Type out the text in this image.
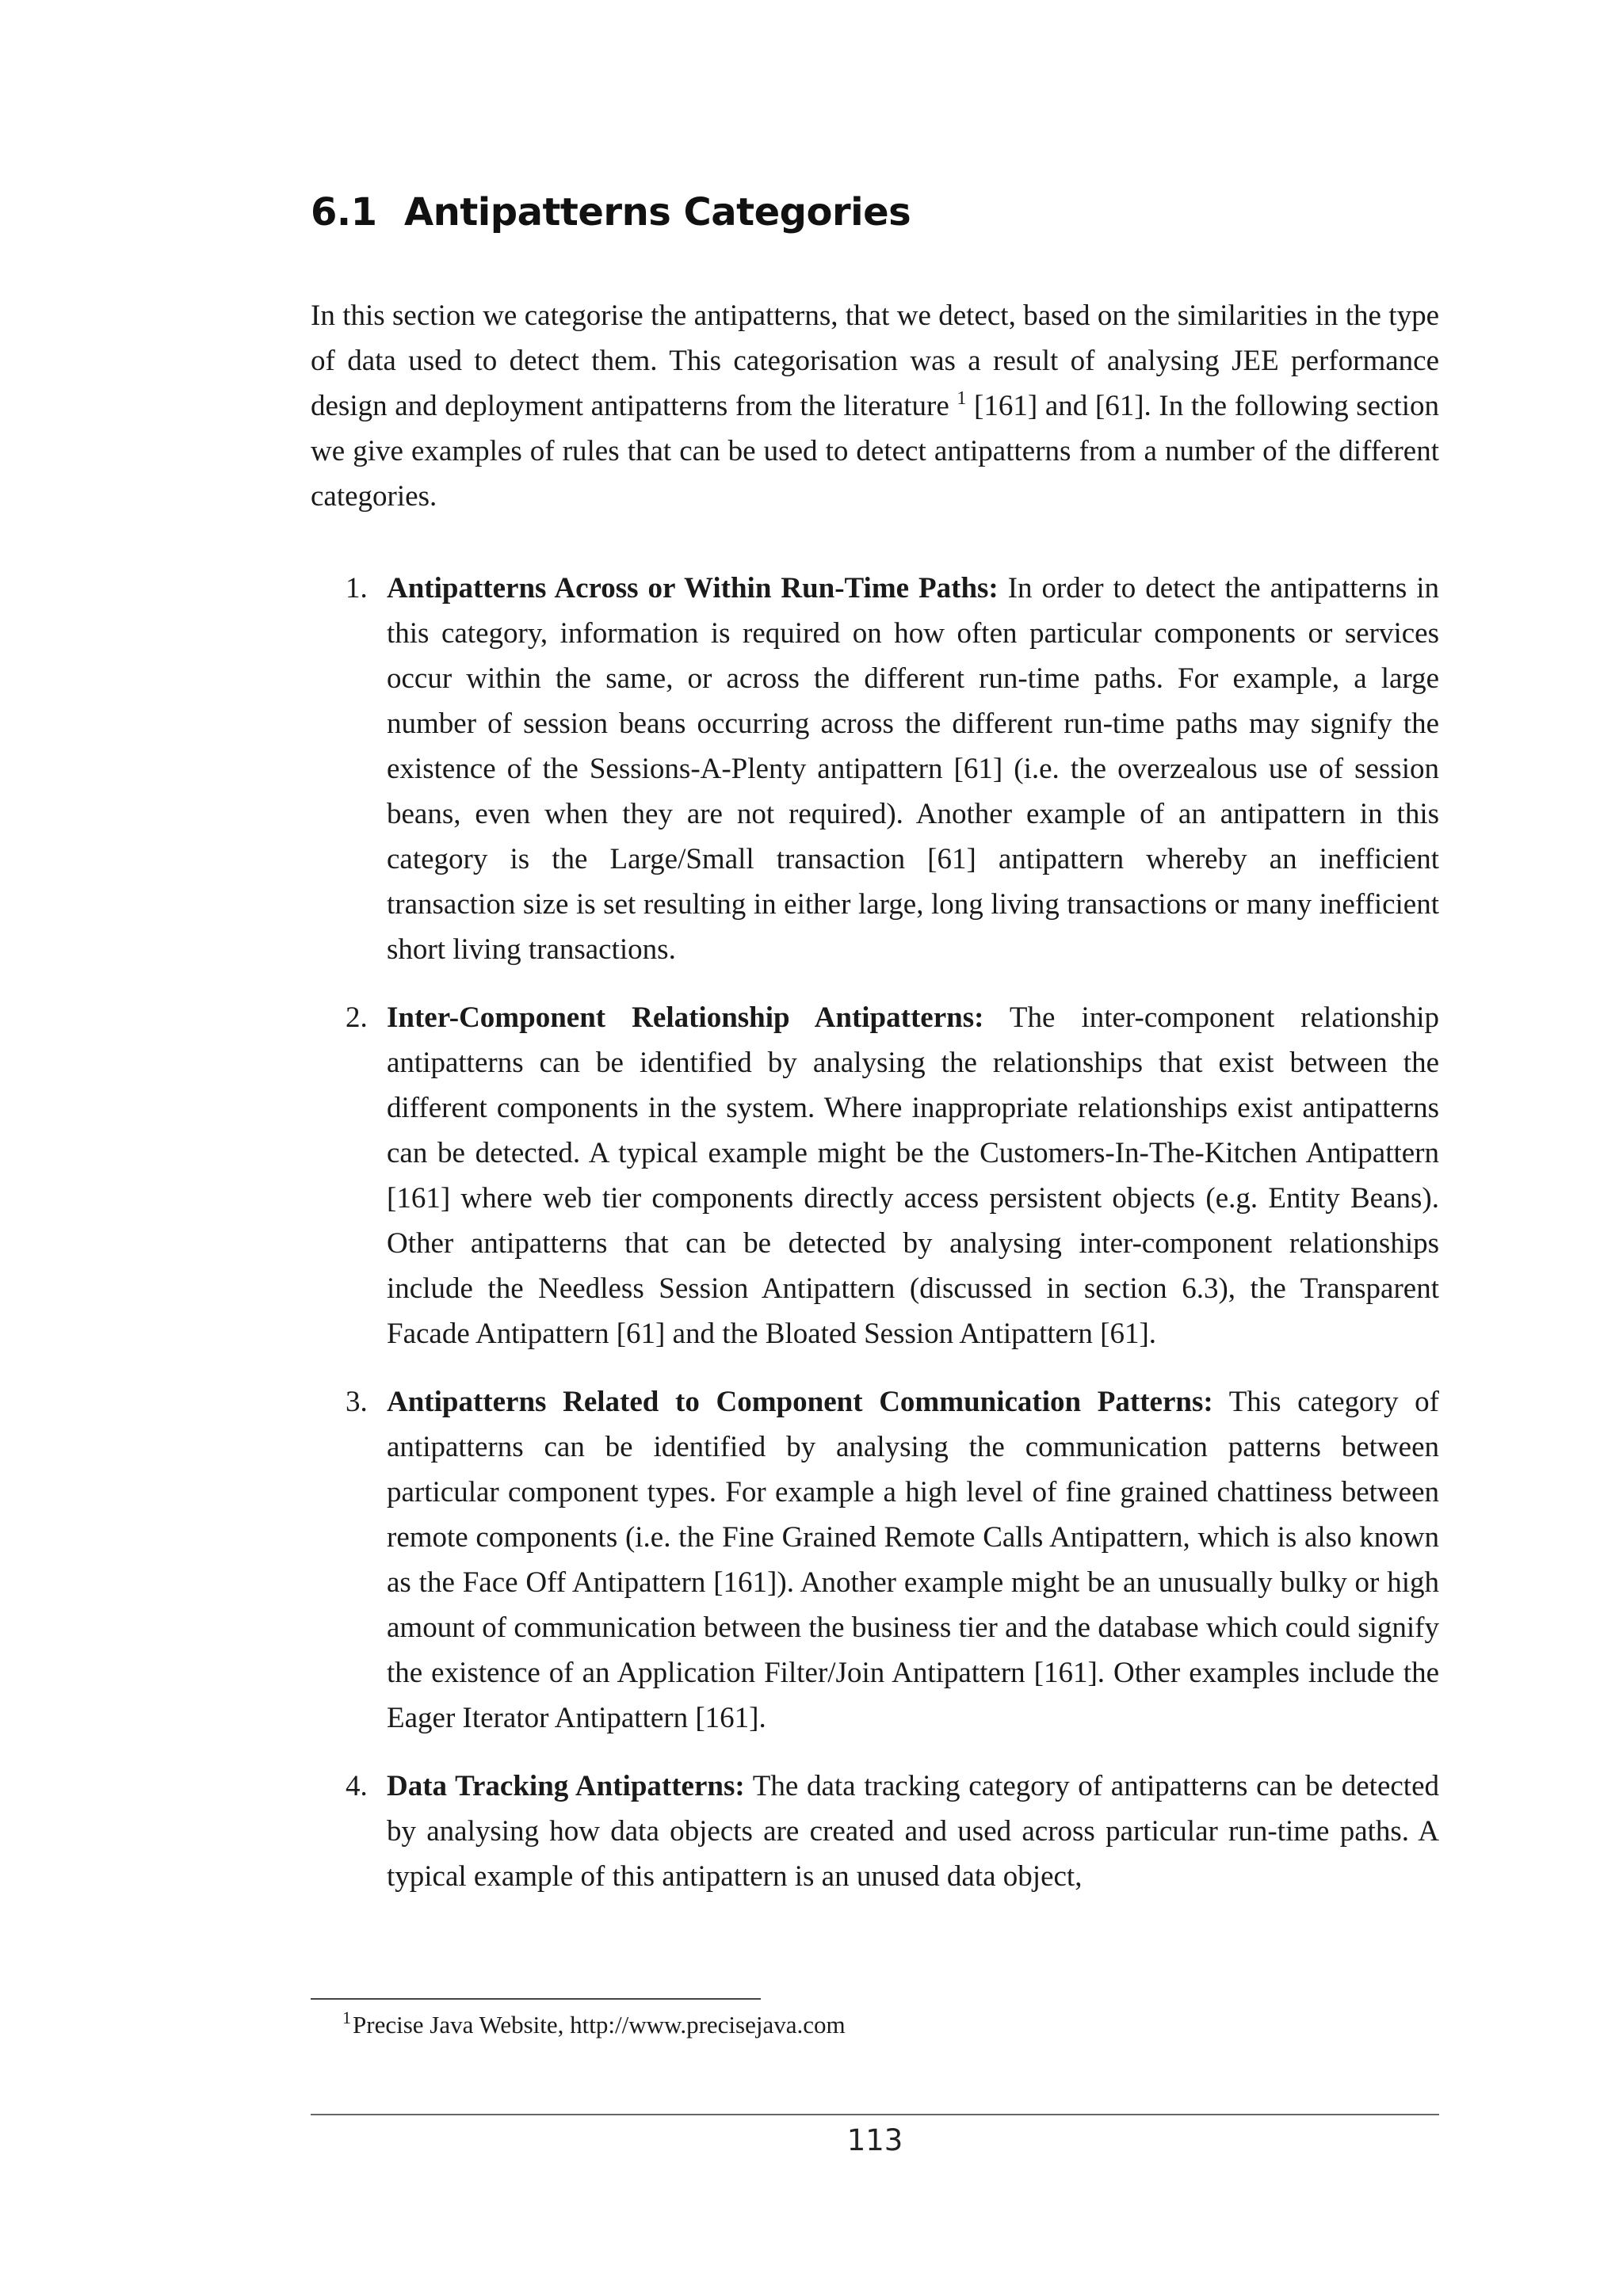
6.1 Antipatterns Categories

In this section we categorise the antipatterns, that we detect, based on the similarities in the type of data used to detect them. This categorisation was a result of analysing JEE performance design and deployment antipatterns from the literature $^1$ [161] and [61]. In the following section we give examples of rules that can be used to detect antipatterns from a number of the different categories.

1. Antipatterns Across or Within Run-Time Paths: In order to detect the antipatterns in this category, information is required on how often particular components or services occur within the same, or across the different run-time paths. For example, a large number of session beans occurring across the different run-time paths may signify the existence of the Sessions-A-Plenty antipattern [61] (i.e. the overzealous use of session beans, even when they are not required). Another example of an antipattern in this category is the Large/Small transaction [61] antipattern whereby an inefficient transaction size is set resulting in either large, long living transactions or many inefficient short living transactions.
2. Inter-Component Relationship Antipatterns: The inter-component relationship antipatterns can be identified by analysing the relationships that exist between the different components in the system. Where inappropriate relationships exist antipatterns can be detected. A typical example might be the Customers-In-The-Kitchen Antipattern [161] where web tier components directly access persistent objects (e.g. Entity Beans). Other antipatterns that can be detected by analysing inter-component relationships include the Needless Session Antipattern (discussed in section 6.3), the Transparent Facade Antipattern [61] and the Bloated Session Antipattern [61].
3. Antipatterns Related to Component Communication Patterns: This category of antipatterns can be identified by analysing the communication patterns between particular component types. For example a high level of fine grained chattiness between remote components (i.e. the Fine Grained Remote Calls Antipattern, which is also known as the Face Off Antipattern [161]). Another example might be an unusually bulky or high amount of communication between the business tier and the database which could signify the existence of an Application Filter/Join Antipattern [161]. Other examples include the Eager Iterator Antipattern [161].
4. Data Tracking Antipatterns: The data tracking category of antipatterns can be detected by analysing how data objects are created and used across particular run-time paths. A typical example of this antipattern is an unused data object,
$^1$Precise Java Website, http://www.precisejava.com
113
